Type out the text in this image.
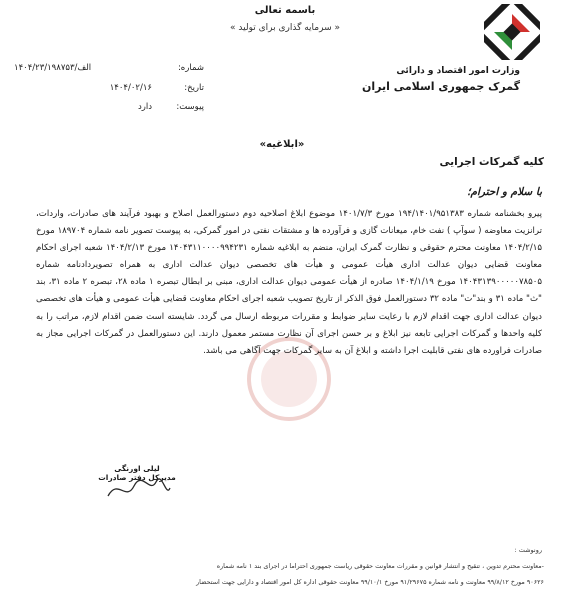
باسمه تعالی
« سرمایه گذاری برای تولید »
وزارت امور اقتصاد و دارائی
گمرک جمهوری اسلامی ایران
شماره:
۱۴۰۴/۲۳/۱۹۸۷۵۳/الف
تاریخ:
۱۴۰۴/۰۲/۱۶
پیوست:
دارد
«ابلاغیه»
کلیه گمرکات اجرایی
با سلام و احترام؛
پیرو بخشنامه شماره ۱۹۴/۱۴۰۱/۹۵۱۳۸۳ مورخ ۱۴۰۱/۷/۳ موضوع ابلاغ اصلاحیه دوم دستورالعمل اصلاح و بهبود فرآیند های صادرات، واردات، ترانزیت معاوضه ( سوآپ ) نفت خام، میعانات گازی و فرآورده ها و مشتقات نفتی در امور گمرکی، به پیوست تصویر نامه شماره ۱۸۹۷۰۴ مورخ ۱۴۰۴/۲/۱۵ معاونت محترم حقوقی و نظارت گمرک ایران، منضم به ابلاغیه شماره ۱۴۰۴۳۱۱۰۰۰۰۹۹۴۲۳۱ مورخ ۱۴۰۴/۲/۱۳ شعبه اجرای احکام معاونت قضایی دیوان عدالت اداری هیأت عمومی و هیأت های تخصصی دیوان عدالت اداری به همراه تصویردادنامه شماره ۱۴۰۴۳۱۳۹۰۰۰۰۰۷۸۵۰۵ مورخ ۱۴۰۴/۱/۱۹ صادره از هیأت عمومی دیوان عدالت اداری، مبنی بر ابطال تبصره ۱ ماده ۲۸، تبصره ۲ ماده ۳۱، بند "ث" ماده ۳۱ و بند"ت" ماده ۳۲ دستورالعمل فوق الذکر از تاریخ تصویب شعبه اجرای احکام معاونت قضایی هیأت عمومی و هیأت های تخصصی دیوان عدالت اداری جهت اقدام لازم با رعایت سایر ضوابط و مقررات مربوطه ارسال می گردد. شایسته است ضمن اقدام لازم، مراتب را به کلیه واحدها و گمرکات اجرایی تابعه نیز ابلاغ و بر حسن اجرای آن نظارت مستمر معمول دارند. این دستورالعمل در گمرکات اجرایی مجاز به صادرات فراورده های نفتی قابلیت اجرا داشته و ابلاغ آن به سایر گمرکات جهت آگاهی می باشد.
لیلی اورنگی
مدیرکل دفتر صادرات
رونوشت :
-معاونت محترم تدوین ، تنقیح و انتشار قوانین و مقررات معاونت حقوقی ریاست جمهوری احتراما در اجرای بند ۱ نامه شماره
۹۰۶۲۶ مورخ ۹۹/۸/۱۲ معاونت و نامه شماره ۹۱/۲۹۶۷۵ مورخ ۹۹/۱۰/۱ معاونت حقوقی اداره کل امور اقتصاد و دارایی جهت استحضار
